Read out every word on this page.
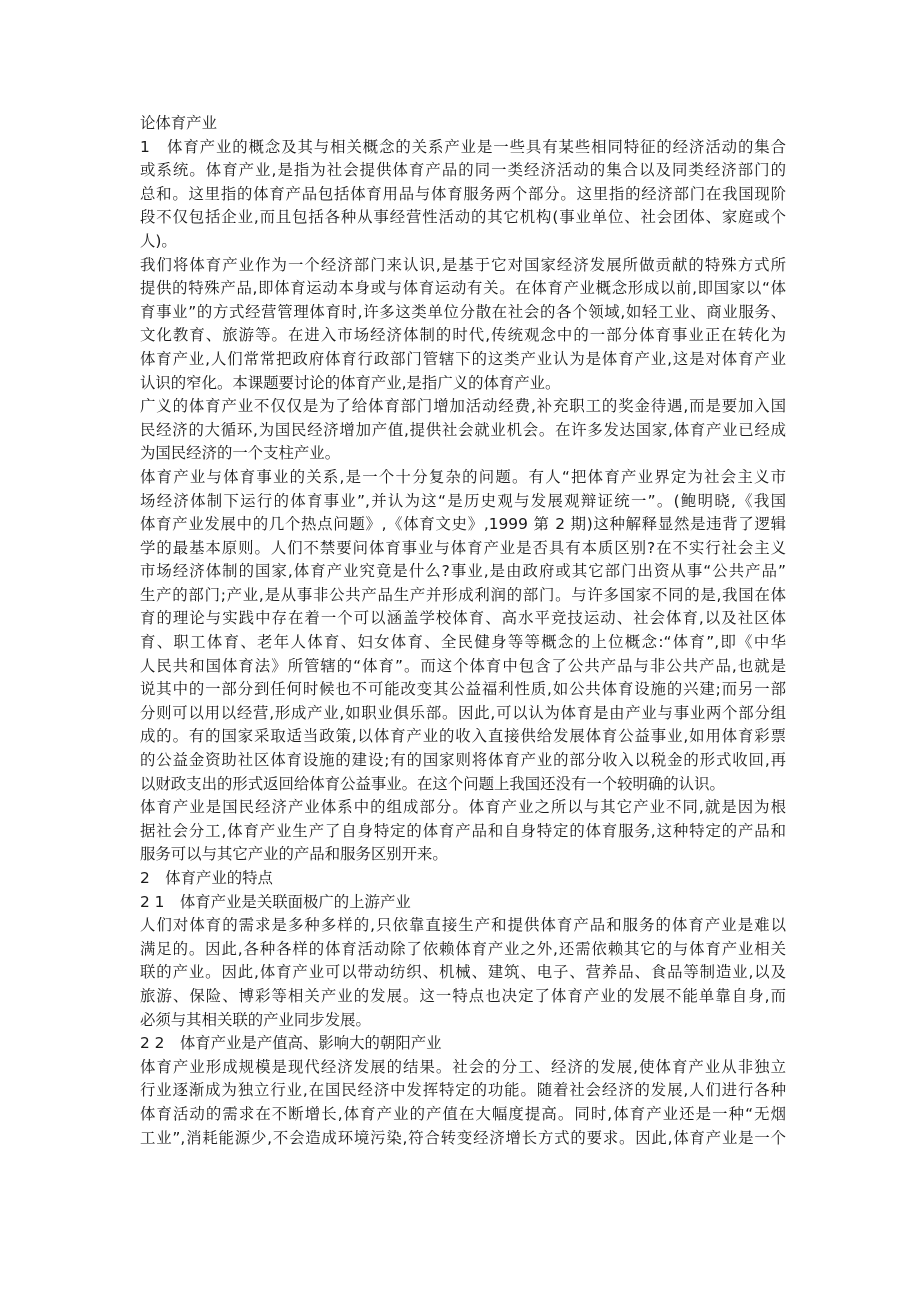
论体育产业
1　体育产业的概念及其与相关概念的关系产业是一些具有某些相同特征的经济活动的集合
或系统。体育产业,是指为社会提供体育产品的同一类经济活动的集合以及同类经济部门的
总和。这里指的体育产品包括体育用品与体育服务两个部分。这里指的经济部门在我国现阶
段不仅包括企业,而且包括各种从事经营性活动的其它机构(事业单位、社会团体、家庭或个
人)。
我们将体育产业作为一个经济部门来认识,是基于它对国家经济发展所做贡献的特殊方式所
提供的特殊产品,即体育运动本身或与体育运动有关。在体育产业概念形成以前,即国家以“体
育事业”的方式经营管理体育时,许多这类单位分散在社会的各个领域,如轻工业、商业服务、
文化教育、旅游等。在进入市场经济体制的时代,传统观念中的一部分体育事业正在转化为
体育产业,人们常常把政府体育行政部门管辖下的这类产业认为是体育产业,这是对体育产业
认识的窄化。本课题要讨论的体育产业,是指广义的体育产业。
广义的体育产业不仅仅是为了给体育部门增加活动经费,补充职工的奖金待遇,而是要加入国
民经济的大循环,为国民经济增加产值,提供社会就业机会。在许多发达国家,体育产业已经成
为国民经济的一个支柱产业。
体育产业与体育事业的关系,是一个十分复杂的问题。有人“把体育产业界定为社会主义市
场经济体制下运行的体育事业”,并认为这“是历史观与发展观辩证统一”。(鲍明晓,《我国
体育产业发展中的几个热点问题》,《体育文史》,1999 第 2 期)这种解释显然是违背了逻辑
学的最基本原则。人们不禁要问体育事业与体育产业是否具有本质区别?在不实行社会主义
市场经济体制的国家,体育产业究竟是什么?事业,是由政府或其它部门出资从事“公共产品”
生产的部门;产业,是从事非公共产品生产并形成利润的部门。与许多国家不同的是,我国在体
育的理论与实践中存在着一个可以涵盖学校体育、高水平竞技运动、社会体育,以及社区体
育、职工体育、老年人体育、妇女体育、全民健身等等概念的上位概念:“体育”,即《中华
人民共和国体育法》所管辖的“体育”。而这个体育中包含了公共产品与非公共产品,也就是
说其中的一部分到任何时候也不可能改变其公益福利性质,如公共体育设施的兴建;而另一部
分则可以用以经营,形成产业,如职业俱乐部。因此,可以认为体育是由产业与事业两个部分组
成的。有的国家采取适当政策,以体育产业的收入直接供给发展体育公益事业,如用体育彩票
的公益金资助社区体育设施的建设;有的国家则将体育产业的部分收入以税金的形式收回,再
以财政支出的形式返回给体育公益事业。在这个问题上我国还没有一个较明确的认识。
体育产业是国民经济产业体系中的组成部分。体育产业之所以与其它产业不同,就是因为根
据社会分工,体育产业生产了自身特定的体育产品和自身特定的体育服务,这种特定的产品和
服务可以与其它产业的产品和服务区别开来。
2　体育产业的特点
2 1　体育产业是关联面极广的上游产业
人们对体育的需求是多种多样的,只依靠直接生产和提供体育产品和服务的体育产业是难以
满足的。因此,各种各样的体育活动除了依赖体育产业之外,还需依赖其它的与体育产业相关
联的产业。因此,体育产业可以带动纺织、机械、建筑、电子、营养品、食品等制造业,以及
旅游、保险、博彩等相关产业的发展。这一特点也决定了体育产业的发展不能单靠自身,而
必须与其相关联的产业同步发展。
2 2　体育产业是产值高、影响大的朝阳产业
体育产业形成规模是现代经济发展的结果。社会的分工、经济的发展,使体育产业从非独立
行业逐渐成为独立行业,在国民经济中发挥特定的功能。随着社会经济的发展,人们进行各种
体育活动的需求在不断增长,体育产业的产值在大幅度提高。同时,体育产业还是一种“无烟
工业”,消耗能源少,不会造成环境污染,符合转变经济增长方式的要求。因此,体育产业是一个
